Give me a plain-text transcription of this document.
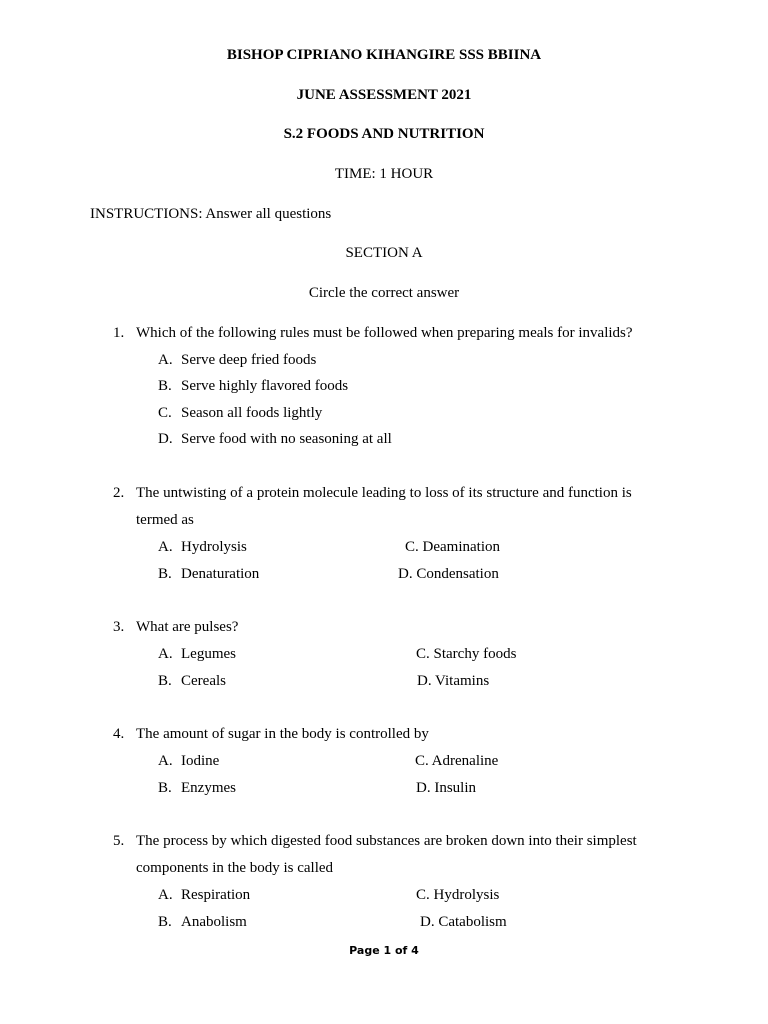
BISHOP CIPRIANO KIHANGIRE SSS BBIINA
JUNE ASSESSMENT 2021
S.2 FOODS AND NUTRITION
TIME: 1 HOUR
INSTRUCTIONS: Answer all questions
SECTION A
Circle the correct answer
1. Which of the following rules must be followed when preparing meals for invalids?
A. Serve deep fried foods
B. Serve highly flavored foods
C. Season all foods lightly
D. Serve food with no seasoning at all
2. The untwisting of a protein molecule leading to loss of its structure and function is
termed as
A. Hydrolysis
B. Denaturation
C. Deamination
D. Condensation
3. What are pulses?
A. Legumes
B. Cereals
C. Starchy foods
D. Vitamins
4. The amount of sugar in the body is controlled by
A. Iodine
B. Enzymes
C. Adrenaline
D. Insulin
5. The process by which digested food substances are broken down into their simplest
components in the body is called
A. Respiration
B. Anabolism
C. Hydrolysis
D. Catabolism
Page 1 of 4
